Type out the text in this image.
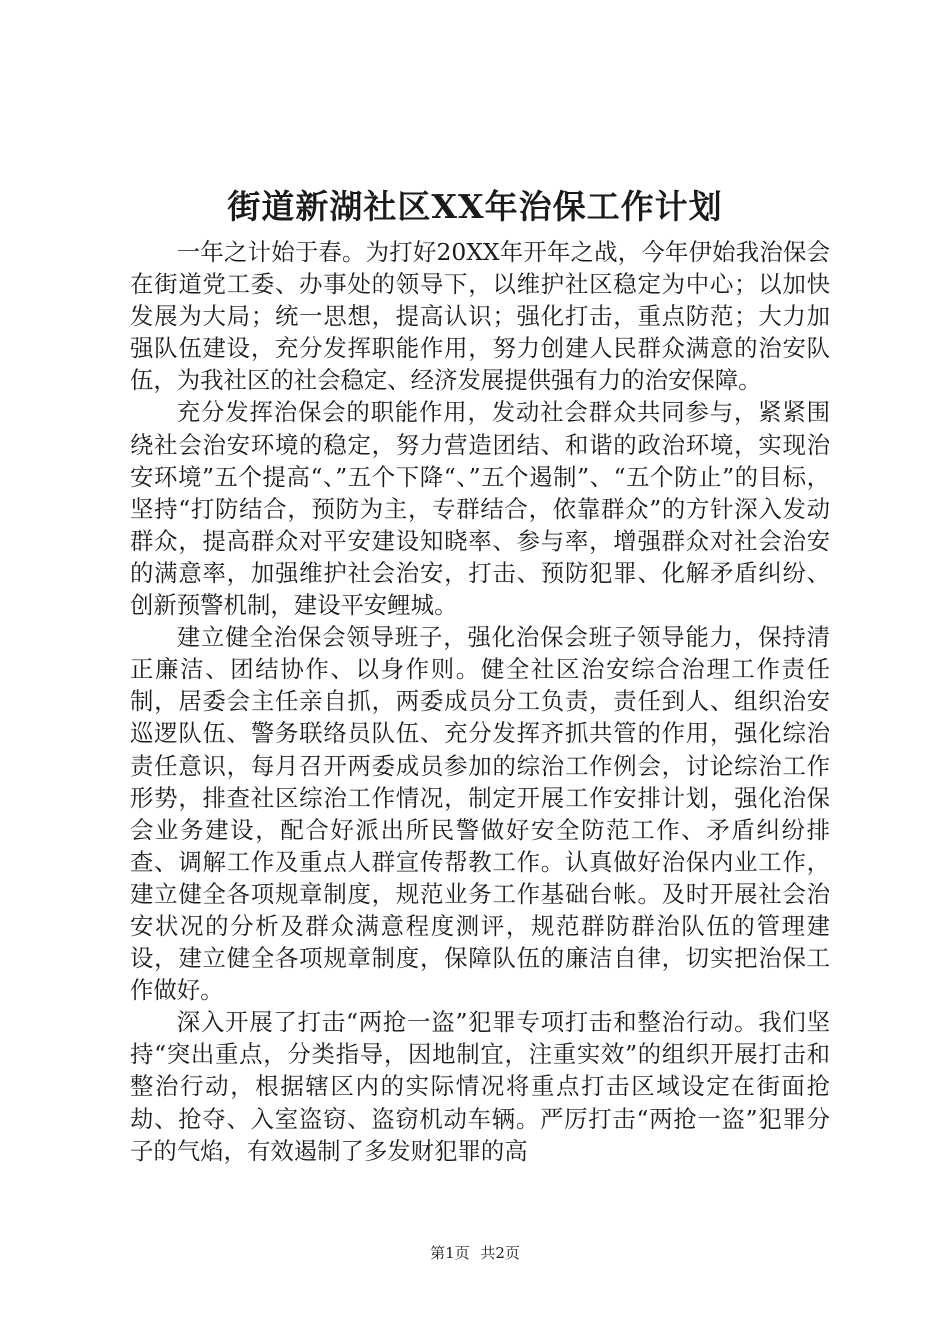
街道新湖社区XX年治保工作计划

一年之计始于春。为打好20XX年开年之战，今年伊始我治保会在街道党工委、办事处的领导下，以维护社区稳定为中心；以加快发展为大局；统一思想，提高认识；强化打击，重点防范；大力加强队伍建设，充分发挥职能作用，努力创建人民群众满意的治安队伍，为我社区的社会稳定、经济发展提供强有力的治安保障。

充分发挥治保会的职能作用，发动社会群众共同参与，紧紧围绕社会治安环境的稳定，努力营造团结、和谐的政治环境，实现治安环境”五个提高“、”五个下降“、”五个遏制”、“五个防止”的目标，坚持“打防结合，预防为主，专群结合，依靠群众”的方针深入发动群众，提高群众对平安建设知晓率、参与率，增强群众对社会治安的满意率，加强维护社会治安，打击、预防犯罪、化解矛盾纠纷、创新预警机制，建设平安鲤城。

建立健全治保会领导班子，强化治保会班子领导能力，保持清正廉洁、团结协作、以身作则。健全社区治安综合治理工作责任制，居委会主任亲自抓，两委成员分工负责，责任到人、组织治安巡逻队伍、警务联络员队伍、充分发挥齐抓共管的作用，强化综治责任意识，每月召开两委成员参加的综治工作例会，讨论综治工作形势，排查社区综治工作情况，制定开展工作安排计划，强化治保会业务建设，配合好派出所民警做好安全防范工作、矛盾纠纷排查、调解工作及重点人群宣传帮教工作。认真做好治保内业工作，建立健全各项规章制度，规范业务工作基础台帐。及时开展社会治安状况的分析及群众满意程度测评，规范群防群治队伍的管理建设，建立健全各项规章制度，保障队伍的廉洁自律，切实把治保工作做好。

深入开展了打击“两抢一盗”犯罪专项打击和整治行动。我们坚持“突出重点，分类指导，因地制宜，注重实效”的组织开展打击和整治行动，根据辖区内的实际情况将重点打击区域设定在街面抢劫、抢夺、入室盗窃、盗窃机动车辆。严厉打击“两抢一盗”犯罪分子的气焰，有效遏制了多发财犯罪的高

第1页 共2页
